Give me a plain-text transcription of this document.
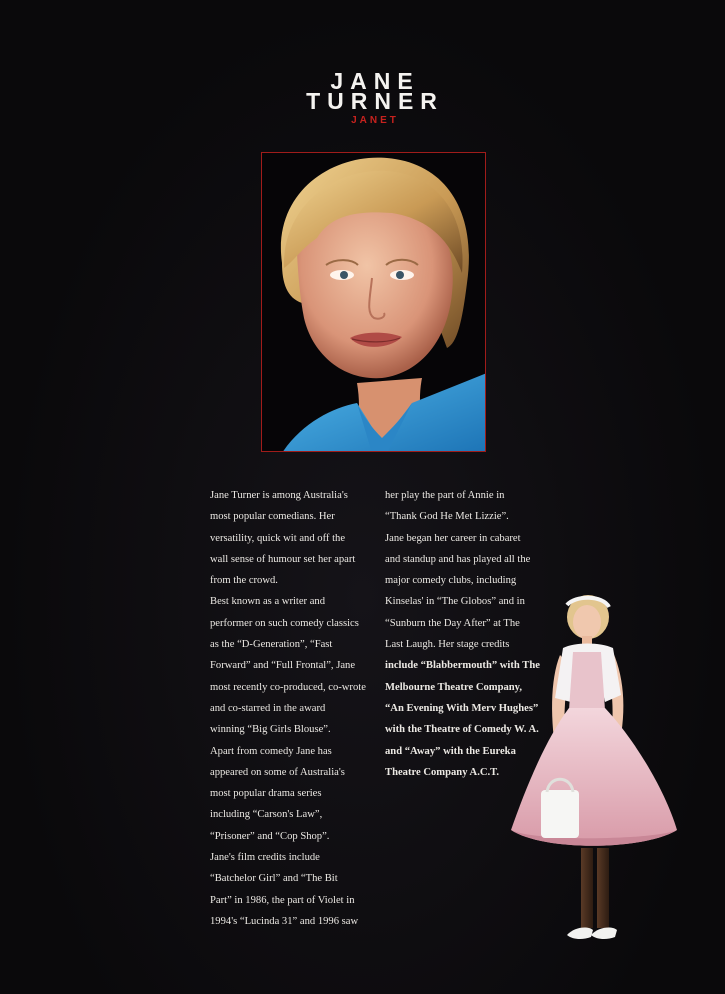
JANE
TURNER
JANET

Jane Turner is among Australia's

most popular comedians. Her

versatility, quick wit and off the

wall sense of humour set her apart

from the crowd.

Best known as a writer and

performer on such comedy classics

as the “D-Generation”, “Fast

Forward” and “Full Frontal”, Jane

most recently co-produced, co-wrote

and co-starred in the award

winning “Big Girls Blouse”.

Apart from comedy Jane has

appeared on some of Australia's

most popular drama series

including “Carson's Law”,

“Prisoner” and “Cop Shop”.

Jane's film credits include

“Batchelor Girl” and “The Bit

Part” in 1986, the part of Violet in

1994's “Lucinda 31” and 1996 saw

her play the part of Annie in

“Thank God He Met Lizzie”.

Jane began her career in cabaret

and standup and has played all the

major comedy clubs, including

Kinselas' in “The Globos” and in

“Sunburn the Day After” at The

Last Laugh. Her stage credits

include “Blabbermouth” with The

Melbourne Theatre Company,

“An Evening With Merv Hughes”

with the Theatre of Comedy W. A.

and “Away” with the Eureka

Theatre Company A.C.T.
